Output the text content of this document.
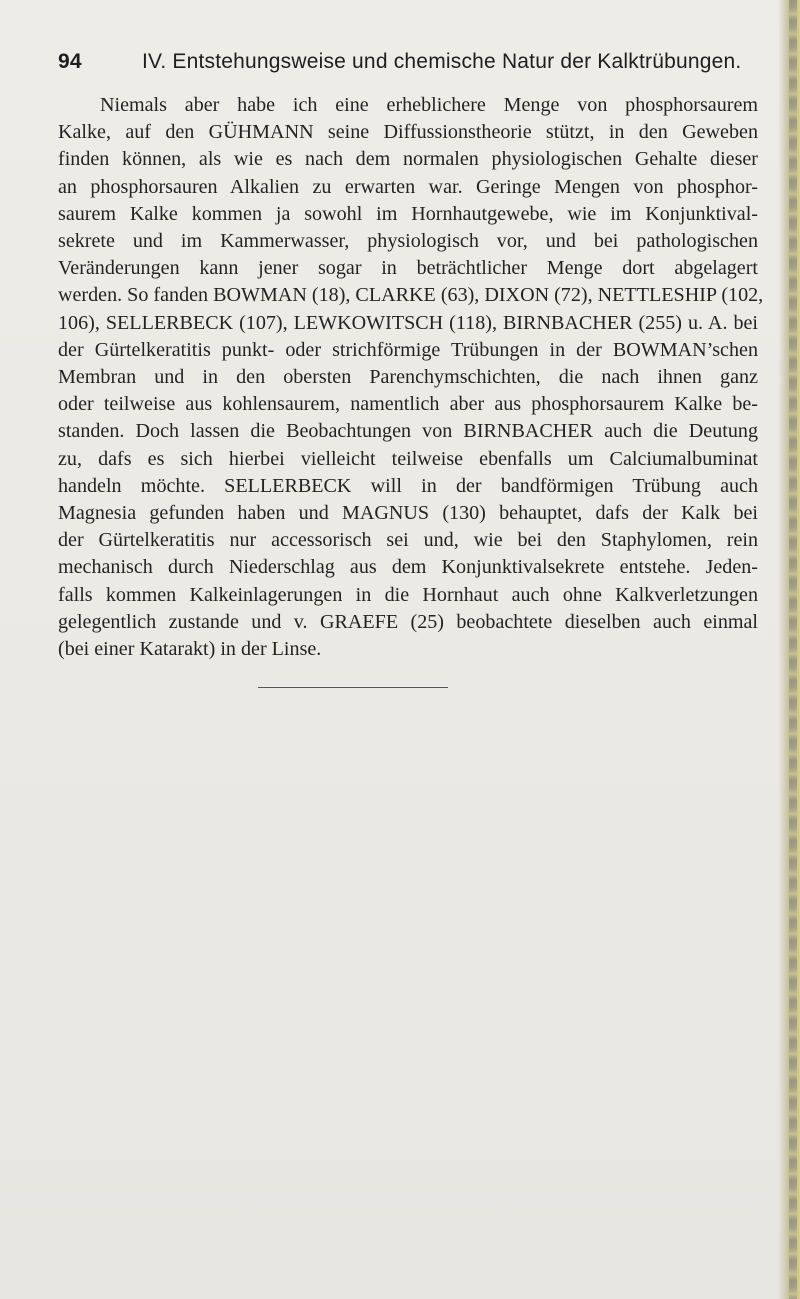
94	IV. Entstehungsweise und chemische Natur der Kalktrübungen.
Niemals aber habe ich eine erheblichere Menge von phosphorsaurem
Kalke, auf den GÜHMANN seine Diffussionstheorie stützt, in den Geweben
finden können, als wie es nach dem normalen physiologischen Gehalte dieser
an phosphorsauren Alkalien zu erwarten war. Geringe Mengen von phosphor-
saurem Kalke kommen ja sowohl im Hornhautgewebe, wie im Konjunktival-
sekrete und im Kammerwasser, physiologisch vor, und bei pathologischen
Veränderungen kann jener sogar in beträchtlicher Menge dort abgelagert
werden. So fanden BOWMAN (18), CLARKE (63), DIXON (72), NETTLESHIP (102,
106), SELLERBECK (107), LEWKOWITSCH (118), BIRNBACHER (255) u. A. bei
der Gürtelkeratitis punkt- oder strichförmige Trübungen in der BOWMAN’schen
Membran und in den obersten Parenchymschichten, die nach ihnen ganz
oder teilweise aus kohlensaurem, namentlich aber aus phosphorsaurem Kalke be-
standen. Doch lassen die Beobachtungen von BIRNBACHER auch die Deutung
zu, dafs es sich hierbei vielleicht teilweise ebenfalls um Calciumalbuminat
handeln möchte. SELLERBECK will in der bandförmigen Trübung auch
Magnesia gefunden haben und MAGNUS (130) behauptet, dafs der Kalk bei
der Gürtelkeratitis nur accessorisch sei und, wie bei den Staphylomen, rein
mechanisch durch Niederschlag aus dem Konjunktivalsekrete entstehe. Jeden-
falls kommen Kalkeinlagerungen in die Hornhaut auch ohne Kalkverletzungen
gelegentlich zustande und v. GRAEFE (25) beobachtete dieselben auch einmal
(bei einer Katarakt) in der Linse.
